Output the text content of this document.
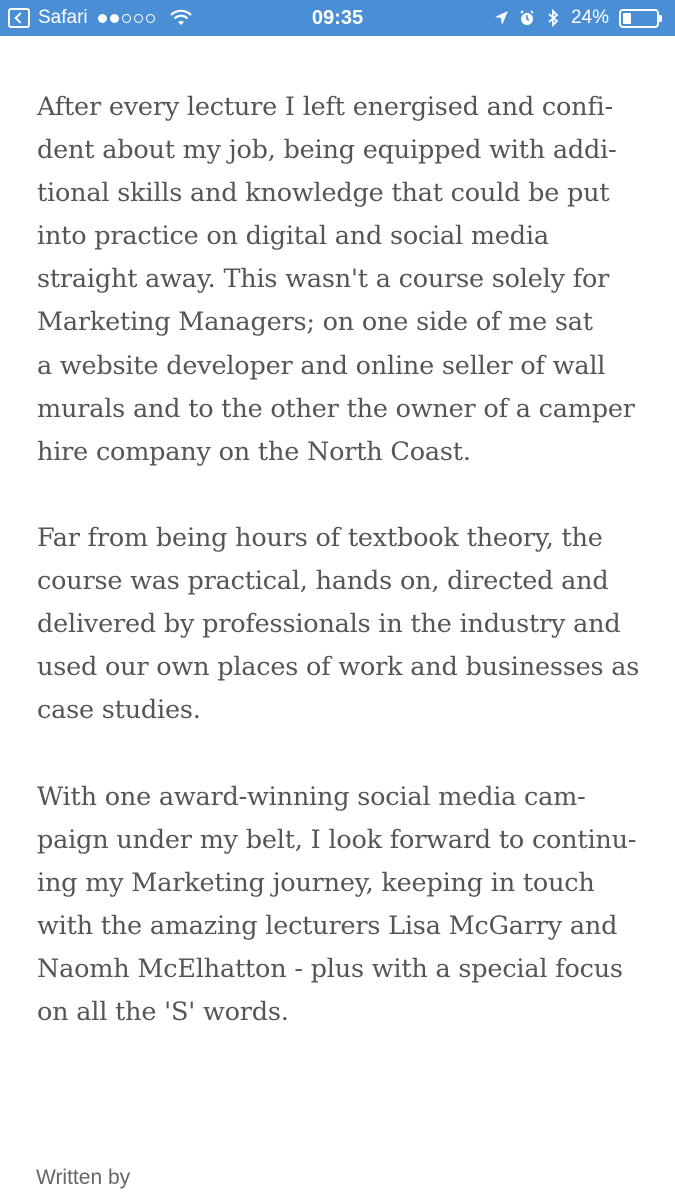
Safari	09:35	24%

After every lecture I left energised and confi-
dent about my job, being equipped with addi-
tional skills and knowledge that could be put
into practice on digital and social media
straight away. This wasn't a course solely for
Marketing Managers; on one side of me sat
a website developer and online seller of wall
murals and to the other the owner of a camper
hire company on the North Coast.

Far from being hours of textbook theory, the
course was practical, hands on, directed and
delivered by professionals in the industry and
used our own places of work and businesses as
case studies.

With one award-winning social media cam-
paign under my belt, I look forward to continu-
ing my Marketing journey, keeping in touch
with the amazing lecturers Lisa McGarry and
Naomh McElhatton - plus with a special focus
on all the 'S' words.

Written by
